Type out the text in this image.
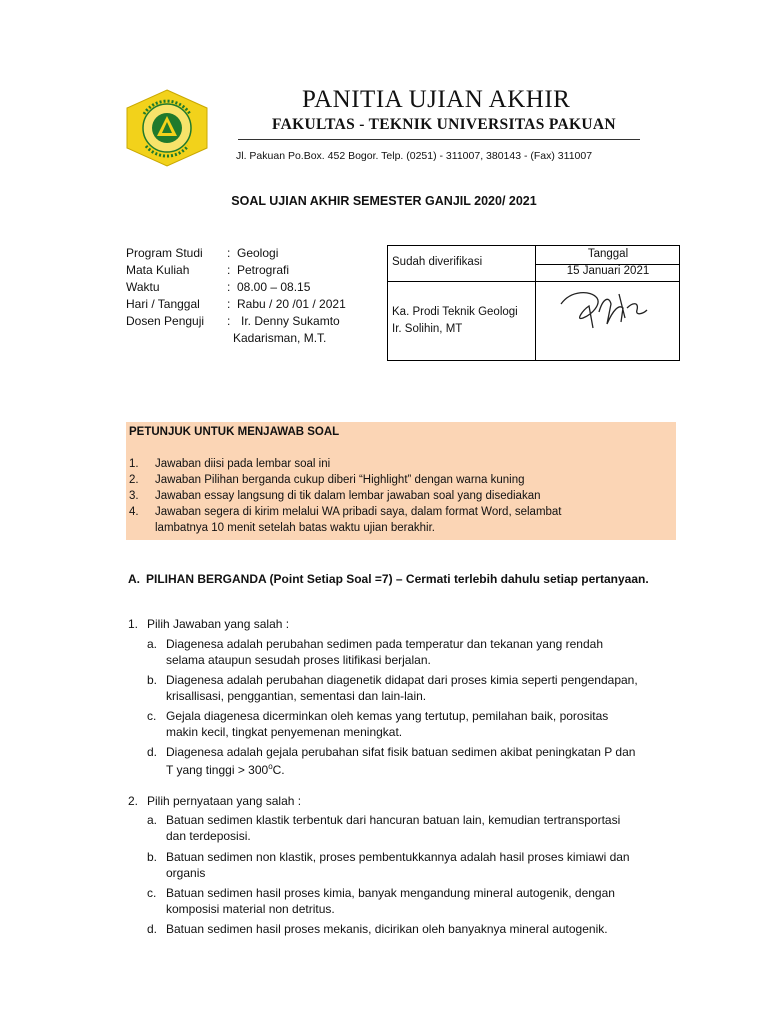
PANITIA UJIAN AKHIR
FAKULTAS - TEKNIK UNIVERSITAS PAKUAN
Jl. Pakuan Po.Box. 452 Bogor. Telp. (0251) - 311007, 380143 - (Fax) 311007
SOAL UJIAN AKHIR SEMESTER GANJIL 2020/ 2021
Program Studi : Geologi
Mata Kuliah	: Petrografi
Waktu	: 08.00 – 08.15
Hari / Tanggal : Rabu / 20 /01 / 2021
Dosen Penguji : Ir. Denny Sukamto
Kadarisman, M.T.
Sudah diverifikasi
Tanggal
15 Januari 2021
Ka. Prodi Teknik Geologi
Ir. Solihin, MT
PETUNJUK UNTUK MENJAWAB SOAL
1. Jawaban diisi pada lembar soal ini
2. Jawaban Pilihan berganda cukup diberi “Highlight” dengan warna kuning
3. Jawaban essay langsung di tik dalam lembar jawaban soal yang disediakan
4. Jawaban segera di kirim melalui WA pribadi saya, dalam format Word, selambat
lambatnya 10 menit setelah batas waktu ujian berakhir.
A. PILIHAN BERGANDA (Point Setiap Soal =7) – Cermati terlebih dahulu setiap pertanyaan.
1. Pilih Jawaban yang salah :
a. Diagenesa adalah perubahan sedimen pada temperatur dan tekanan yang rendah
selama ataupun sesudah proses litifikasi berjalan.
b. Diagenesa adalah perubahan diagenetik didapat dari proses kimia seperti pengendapan,
krisallisasi, penggantian, sementasi dan lain-lain.
c. Gejala diagenesa dicerminkan oleh kemas yang tertutup, pemilahan baik, porositas
makin kecil, tingkat penyemenan meningkat.
d. Diagenesa adalah gejala perubahan sifat fisik batuan sedimen akibat peningkatan P dan
T yang tinggi > $300^oC$.
2. Pilih pernyataan yang salah :
a. Batuan sedimen klastik terbentuk dari hancuran batuan lain, kemudian tertransportasi
dan terdeposisi.
b. Batuan sedimen non klastik, proses pembentukkannya adalah hasil proses kimiawi dan
organis
c. Batuan sedimen hasil proses kimia, banyak mengandung mineral autogenik, dengan
komposisi material non detritus.
d. Batuan sedimen hasil proses mekanis, dicirikan oleh banyaknya mineral autogenik.
